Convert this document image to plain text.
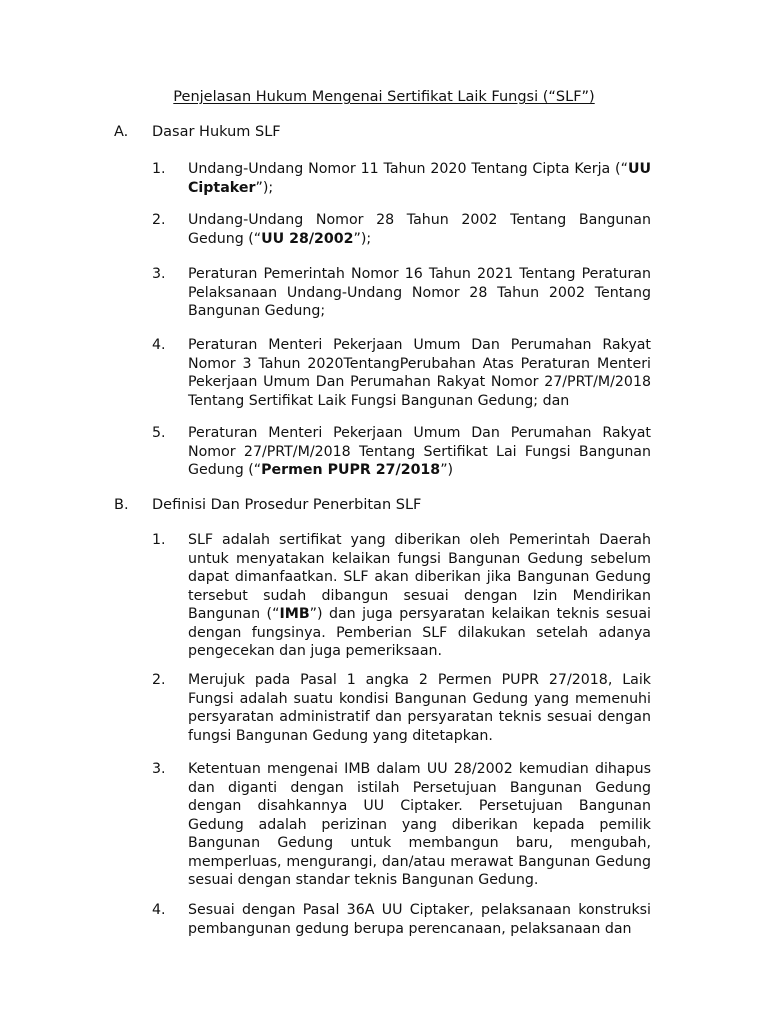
Penjelasan Hukum Mengenai Sertifikat Laik Fungsi (“SLF”)
A. Dasar Hukum SLF
1. Undang-Undang Nomor 11 Tahun 2020 Tentang Cipta Kerja (“UU Ciptaker”);
2. Undang-Undang Nomor 28 Tahun 2002 Tentang Bangunan Gedung (“UU 28/2002”);
3. Peraturan Pemerintah Nomor 16 Tahun 2021 Tentang Peraturan Pelaksanaan Undang-Undang Nomor 28 Tahun 2002 Tentang Bangunan Gedung;
4. Peraturan Menteri Pekerjaan Umum Dan Perumahan Rakyat Nomor 3 Tahun 2020TentangPerubahan Atas Peraturan Menteri Pekerjaan Umum Dan Perumahan Rakyat Nomor 27/PRT/M/2018 Tentang Sertifikat Laik Fungsi Bangunan Gedung; dan
5. Peraturan Menteri Pekerjaan Umum Dan Perumahan Rakyat Nomor 27/PRT/M/2018 Tentang Sertifikat Lai Fungsi Bangunan Gedung (“Permen PUPR 27/2018”)
B. Definisi Dan Prosedur Penerbitan SLF
1. SLF adalah sertifikat yang diberikan oleh Pemerintah Daerah untuk menyatakan kelaikan fungsi Bangunan Gedung sebelum dapat dimanfaatkan. SLF akan diberikan jika Bangunan Gedung tersebut sudah dibangun sesuai dengan Izin Mendirikan Bangunan (“IMB”) dan juga persyaratan kelaikan teknis sesuai dengan fungsinya. Pemberian SLF dilakukan setelah adanya pengecekan dan juga pemeriksaan.
2. Merujuk pada Pasal 1 angka 2 Permen PUPR 27/2018, Laik Fungsi adalah suatu kondisi Bangunan Gedung yang memenuhi persyaratan administratif dan persyaratan teknis sesuai dengan fungsi Bangunan Gedung yang ditetapkan.
3. Ketentuan mengenai IMB dalam UU 28/2002 kemudian dihapus dan diganti dengan istilah Persetujuan Bangunan Gedung dengan disahkannya UU Ciptaker. Persetujuan Bangunan Gedung adalah perizinan yang diberikan kepada pemilik Bangunan Gedung untuk membangun baru, mengubah, memperluas, mengurangi, dan/atau merawat Bangunan Gedung sesuai dengan standar teknis Bangunan Gedung.
4. Sesuai dengan Pasal 36A UU Ciptaker, pelaksanaan konstruksi pembangunan gedung berupa perencanaan, pelaksanaan dan
